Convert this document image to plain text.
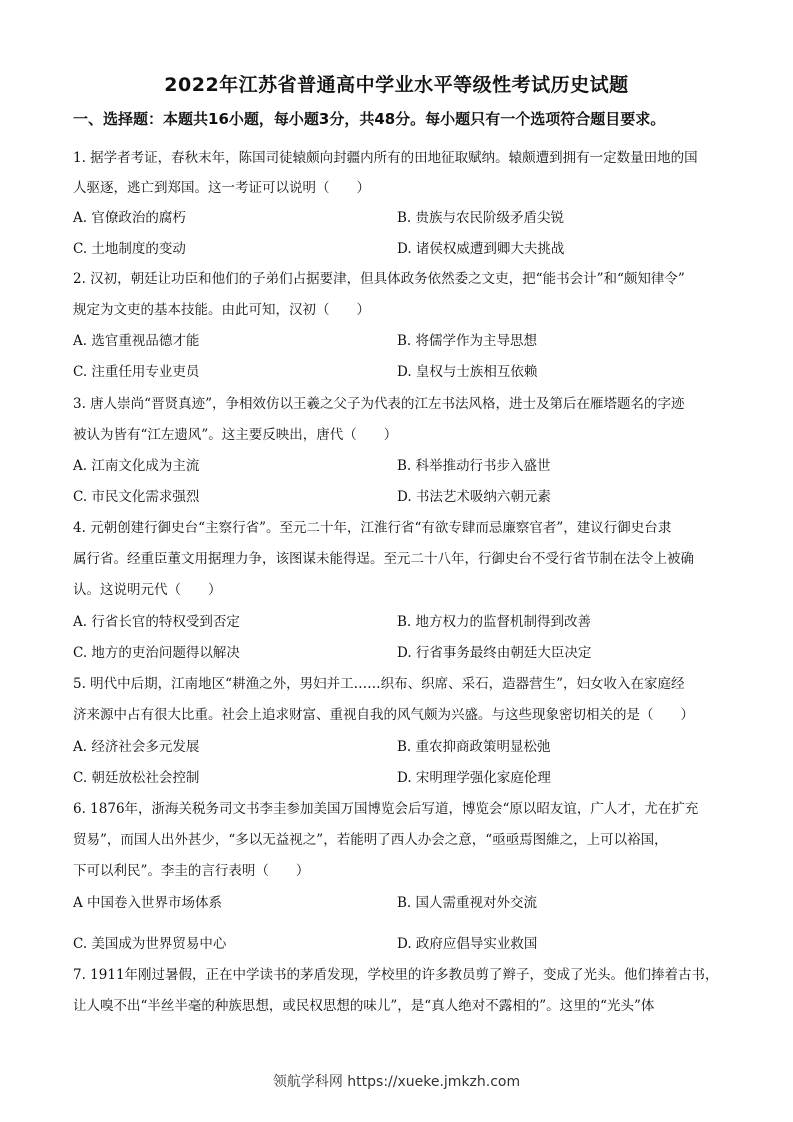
2022年江苏省普通高中学业水平等级性考试历史试题
一、选择题：本题共16小题，每小题3分，共48分。每小题只有一个选项符合题目要求。
1. 据学者考证，春秋末年，陈国司徒辕颇向封疆内所有的田地征取赋纳。辕颇遭到拥有一定数量田地的国
人驱逐，逃亡到郑国。这一考证可以说明（　　）
A. 官僚政治的腐朽	B. 贵族与农民阶级矛盾尖锐
C. 土地制度的变动	D. 诸侯权威遭到卿大夫挑战
2. 汉初，朝廷让功臣和他们的子弟们占据要津，但具体政务依然委之文吏，把“能书会计”和“颇知律令”
规定为文吏的基本技能。由此可知，汉初（　　）
A. 选官重视品德才能	B. 将儒学作为主导思想
C. 注重任用专业吏员	D. 皇权与士族相互依赖
3. 唐人崇尚“晋贤真迹”，争相效仿以王羲之父子为代表的江左书法风格，进士及第后在雁塔题名的字迹
被认为皆有“江左遗风”。这主要反映出，唐代（　　）
A. 江南文化成为主流	B. 科举推动行书步入盛世
C. 市民文化需求强烈	D. 书法艺术吸纳六朝元素
4. 元朝创建行御史台“主察行省”。至元二十年，江淮行省“有欲专肆而忌廉察官者”，建议行御史台隶
属行省。经重臣董文用据理力争，该图谋未能得逞。至元二十八年，行御史台不受行省节制在法令上被确
认。这说明元代（　　）
A. 行省长官的特权受到否定	B. 地方权力的监督机制得到改善
C. 地方的吏治问题得以解决	D. 行省事务最终由朝廷大臣决定
5. 明代中后期，江南地区“耕渔之外，男妇并工……织布、织席、采石，造器营生”，妇女收入在家庭经
济来源中占有很大比重。社会上追求财富、重视自我的风气颇为兴盛。与这些现象密切相关的是（　　）
A. 经济社会多元发展	B. 重农抑商政策明显松弛
C. 朝廷放松社会控制	D. 宋明理学强化家庭伦理
6. 1876年，浙海关税务司文书李圭参加美国万国博览会后写道，博览会“原以昭友谊，广人才，尤在扩充
贸易”，而国人出外甚少，“多以无益视之”，若能明了西人办会之意，“亟亟焉图維之，上可以裕国，
下可以利民”。李圭的言行表明（　　）
A 中国卷入世界市场体系	B. 国人需重视对外交流
C. 美国成为世界贸易中心	D. 政府应倡导实业救国
7. 1911年刚过暑假，正在中学读书的茅盾发现，学校里的许多教员剪了辫子，变成了光头。他们捧着古书，
让人嗅不出“半丝半毫的种族思想，或民权思想的味儿”，是“真人绝对不露相的”。这里的“光头”体
领航学科网 https://xueke.jmkzh.com
